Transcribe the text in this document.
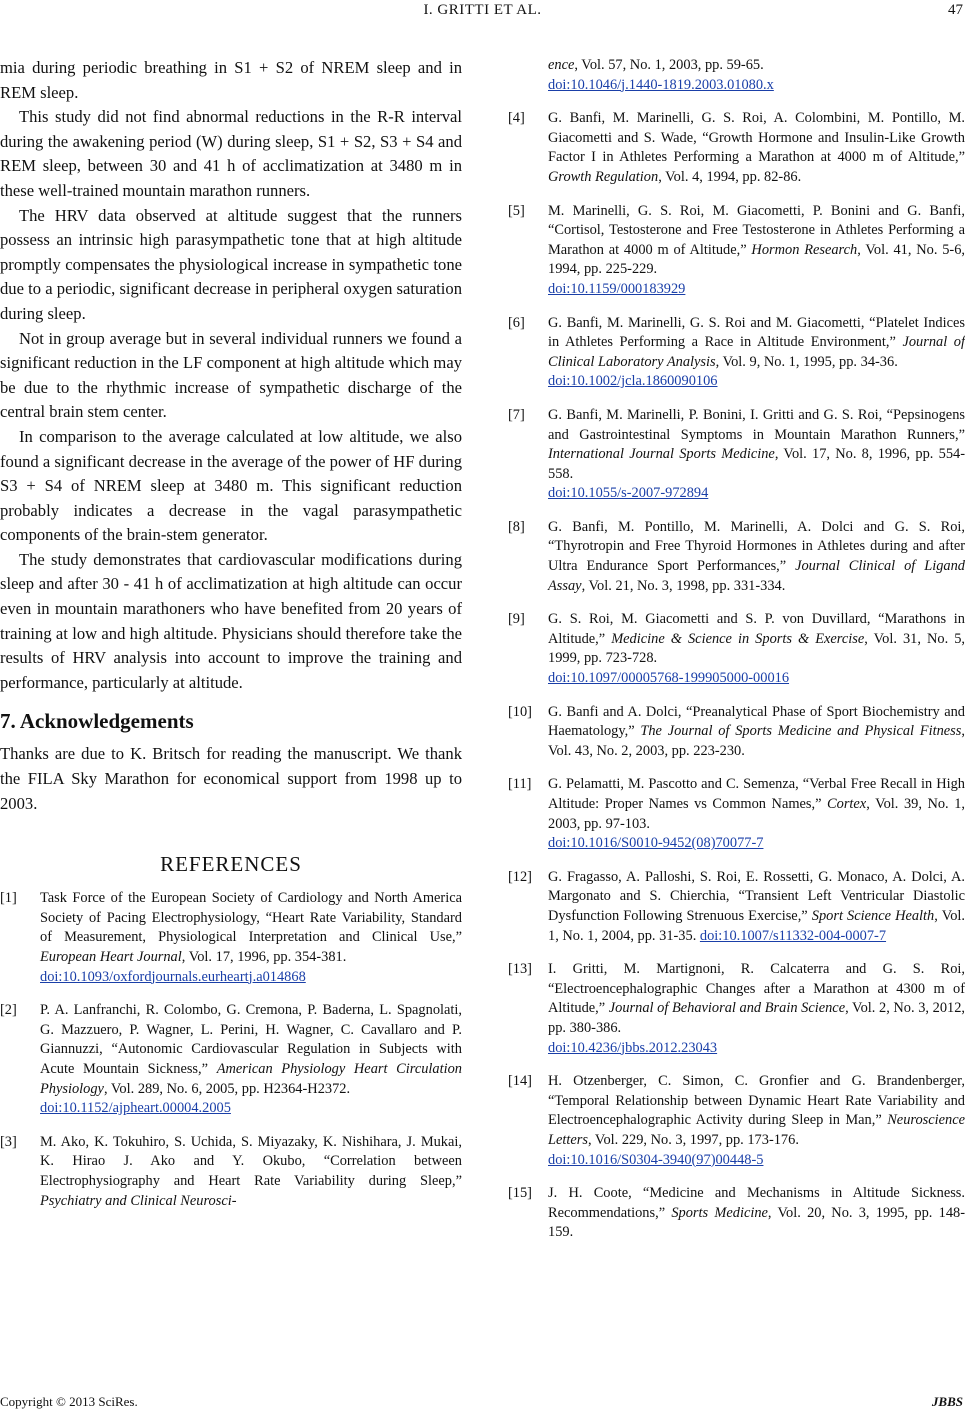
I. GRITTI ET AL.	47

mia during periodic breathing in S1 + S2 of NREM sleep and in REM sleep.

This study did not find abnormal reductions in the R-R interval during the awakening period (W) during sleep, S1 + S2, S3 + S4 and REM sleep, between 30 and 41 h of acclimatization at 3480 m in these well-trained mountain marathon runners.

The HRV data observed at altitude suggest that the runners possess an intrinsic high parasympathetic tone that at high altitude promptly compensates the physiological increase in sympathetic tone due to a periodic, significant decrease in peripheral oxygen saturation during sleep.

Not in group average but in several individual runners we found a significant reduction in the LF component at high altitude which may be due to the rhythmic increase of sympathetic discharge of the central brain stem center.

In comparison to the average calculated at low altitude, we also found a significant decrease in the average of the power of HF during S3 + S4 of NREM sleep at 3480 m. This significant reduction probably indicates a decrease in the vagal parasympathetic components of the brain-stem generator.

The study demonstrates that cardiovascular modifications during sleep and after 30 - 41 h of acclimatization at high altitude can occur even in mountain marathoners who have benefited from 20 years of training at low and high altitude. Physicians should therefore take the results of HRV analysis into account to improve the training and performance, particularly at altitude.

7. Acknowledgements

Thanks are due to K. Britsch for reading the manuscript. We thank the FILA Sky Marathon for economical support from 1998 up to 2003.

REFERENCES
[1] Task Force of the European Society of Cardiology and North America Society of Pacing Electrophysiology, “Heart Rate Variability, Standard of Measurement, Physiological Interpretation and Clinical Use,” European Heart Journal, Vol. 17, 1996, pp. 354-381.
doi:10.1093/oxfordjournals.eurheartj.a014868
[2] P. A. Lanfranchi, R. Colombo, G. Cremona, P. Baderna, L. Spagnolati, G. Mazzuero, P. Wagner, L. Perini, H. Wagner, C. Cavallaro and P. Giannuzzi, “Autonomic Cardiovascular Regulation in Subjects with Acute Mountain Sickness,” American Physiology Heart Circulation Physiology, Vol. 289, No. 6, 2005, pp. H2364-H2372.
doi:10.1152/ajpheart.00004.2005
[3] M. Ako, K. Tokuhiro, S. Uchida, S. Miyazaky, K. Nishihara, J. Mukai, K. Hirao J. Ako and Y. Okubo, “Correlation between Electrophysiography and Heart Rate Variability during Sleep,” Psychiatry and Clinical Neurosci-
ence, Vol. 57, No. 1, 2003, pp. 59-65.
doi:10.1046/j.1440-1819.2003.01080.x
[4] G. Banfi, M. Marinelli, G. S. Roi, A. Colombini, M. Pontillo, M. Giacometti and S. Wade, “Growth Hormone and Insulin-Like Growth Factor I in Athletes Performing a Marathon at 4000 m of Altitude,” Growth Regulation, Vol. 4, 1994, pp. 82-86.
[5] M. Marinelli, G. S. Roi, M. Giacometti, P. Bonini and G. Banfi, “Cortisol, Testosterone and Free Testosterone in Athletes Performing a Marathon at 4000 m of Altitude,” Hormon Research, Vol. 41, No. 5-6, 1994, pp. 225-229.
doi:10.1159/000183929
[6] G. Banfi, M. Marinelli, G. S. Roi and M. Giacometti, “Platelet Indices in Athletes Performing a Race in Altitude Environment,” Journal of Clinical Laboratory Analysis, Vol. 9, No. 1, 1995, pp. 34-36.
doi:10.1002/jcla.1860090106
[7] G. Banfi, M. Marinelli, P. Bonini, I. Gritti and G. S. Roi, “Pepsinogens and Gastrointestinal Symptoms in Mountain Marathon Runners,” International Journal Sports Medicine, Vol. 17, No. 8, 1996, pp. 554-558.
doi:10.1055/s-2007-972894
[8] G. Banfi, M. Pontillo, M. Marinelli, A. Dolci and G. S. Roi, “Thyrotropin and Free Thyroid Hormones in Athletes during and after Ultra Endurance Sport Performances,” Journal Clinical of Ligand Assay, Vol. 21, No. 3, 1998, pp. 331-334.
[9] G. S. Roi, M. Giacometti and S. P. von Duvillard, “Marathons in Altitude,” Medicine & Science in Sports & Exercise, Vol. 31, No. 5, 1999, pp. 723-728.
doi:10.1097/00005768-199905000-00016
[10] G. Banfi and A. Dolci, “Preanalytical Phase of Sport Biochemistry and Haematology,” The Journal of Sports Medicine and Physical Fitness, Vol. 43, No. 2, 2003, pp. 223-230.
[11] G. Pelamatti, M. Pascotto and C. Semenza, “Verbal Free Recall in High Altitude: Proper Names vs Common Names,” Cortex, Vol. 39, No. 1, 2003, pp. 97-103.
doi:10.1016/S0010-9452(08)70077-7
[12] G. Fragasso, A. Palloshi, S. Roi, E. Rossetti, G. Monaco, A. Dolci, A. Margonato and S. Chierchia, “Transient Left Ventricular Diastolic Dysfunction Following Strenuous Exercise,” Sport Science Health, Vol. 1, No. 1, 2004, pp. 31-35. doi:10.1007/s11332-004-0007-7
[13] I. Gritti, M. Martignoni, R. Calcaterra and G. S. Roi, “Electroencephalographic Changes after a Marathon at 4300 m of Altitude,” Journal of Behavioral and Brain Science, Vol. 2, No. 3, 2012, pp. 380-386.
doi:10.4236/jbbs.2012.23043
[14] H. Otzenberger, C. Simon, C. Gronfier and G. Brandenberger, “Temporal Relationship between Dynamic Heart Rate Variability and Electroencephalographic Activity during Sleep in Man,” Neuroscience Letters, Vol. 229, No. 3, 1997, pp. 173-176.
doi:10.1016/S0304-3940(97)00448-5
[15] J. H. Coote, “Medicine and Mechanisms in Altitude Sickness. Recommendations,” Sports Medicine, Vol. 20, No. 3, 1995, pp. 148-159.
Copyright © 2013 SciRes.	JBBS
